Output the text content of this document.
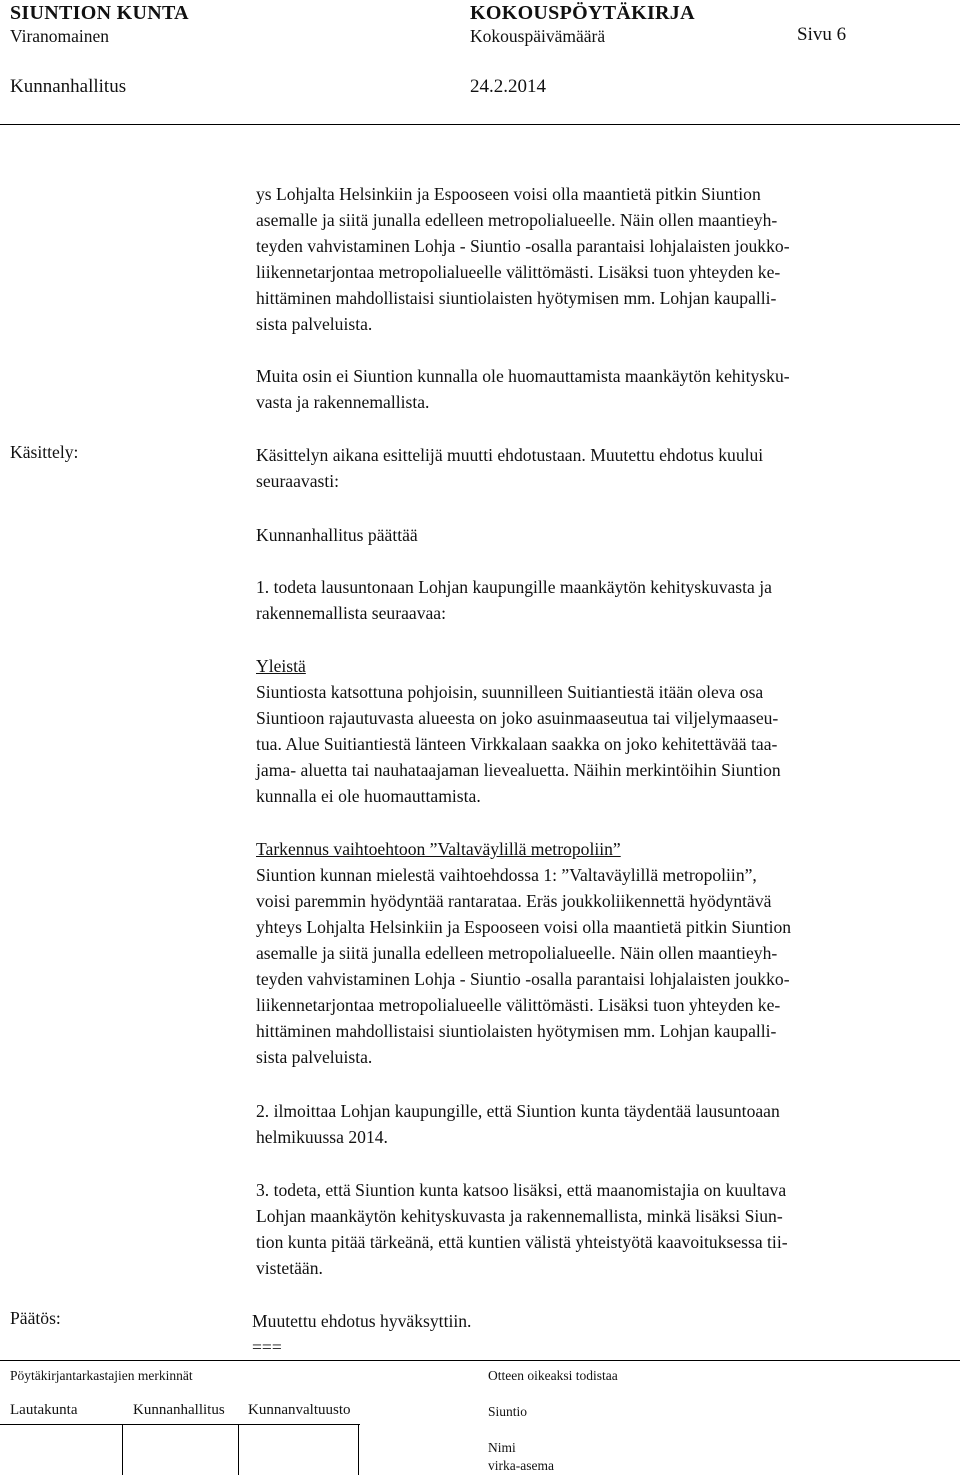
SIUNTION KUNTA	KOKOUSPÖYTÄKIRJA
Viranomainen	Kokouspäivämäärä	Sivu 6
Kunnanhallitus	24.2.2014

ys Lohjalta Helsinkiin ja Espooseen voisi olla maantietä pitkin Siuntion

asemalle ja siitä junalla edelleen metropolialueelle. Näin ollen maantieyh-

teyden vahvistaminen Lohja - Siuntio -osalla parantaisi lohjalaisten joukko-

liikennetarjontaa metropolialueelle välittömästi. Lisäksi tuon yhteyden ke-

hittäminen mahdollistaisi siuntiolaisten hyötymisen mm. Lohjan kaupalli-

sista palveluista.

Muita osin ei Siuntion kunnalla ole huomauttamista maankäytön kehitysku-

vasta ja rakennemallista.

Käsittely:	Käsittelyn aikana esittelijä muutti ehdotustaan. Muutettu ehdotus kuului

seuraavasti:

Kunnanhallitus päättää

1. todeta lausuntonaan Lohjan kaupungille maankäytön kehityskuvasta ja

rakennemallista seuraavaa:

Yleistä

Siuntiosta katsottuna pohjoisin, suunnilleen Suitiantiestä itään oleva osa

Siuntioon rajautuvasta alueesta on joko asuinmaaseutua tai viljelymaaseu-

tua. Alue Suitiantiestä länteen Virkkalaan saakka on joko kehitettävää taa-

jama- aluetta tai nauhataajaman lievealuetta. Näihin merkintöihin Siuntion

kunnalla ei ole huomauttamista.

Tarkennus vaihtoehtoon ”Valtaväylillä metropoliin”

Siuntion kunnan mielestä vaihtoehdossa 1: ”Valtaväylillä metropoliin”,

voisi paremmin hyödyntää rantarataa. Eräs joukkoliikennettä hyödyntävä

yhteys Lohjalta Helsinkiin ja Espooseen voisi olla maantietä pitkin Siuntion

asemalle ja siitä junalla edelleen metropolialueelle. Näin ollen maantieyh-

teyden vahvistaminen Lohja - Siuntio -osalla parantaisi lohjalaisten joukko-

liikennetarjontaa metropolialueelle välittömästi. Lisäksi tuon yhteyden ke-

hittäminen mahdollistaisi siuntiolaisten hyötymisen mm. Lohjan kaupalli-

sista palveluista.

2. ilmoittaa Lohjan kaupungille, että Siuntion kunta täydentää lausuntoaan

helmikuussa 2014.

3. todeta, että Siuntion kunta katsoo lisäksi, että maanomistajia on kuultava

Lohjan maankäytön kehityskuvasta ja rakennemallista, minkä lisäksi Siun-

tion kunta pitää tärkeänä, että kuntien välistä yhteistyötä kaavoituksessa tii-

vistetään.

Päätös:	Muutettu ehdotus hyväksyttiin.
===
Pöytäkirjantarkastajien merkinnät	Otteen oikeaksi todistaa
Lautakunta	Kunnanhallitus Kunnanvaltuusto	Siuntio
Nimi
virka-asema
